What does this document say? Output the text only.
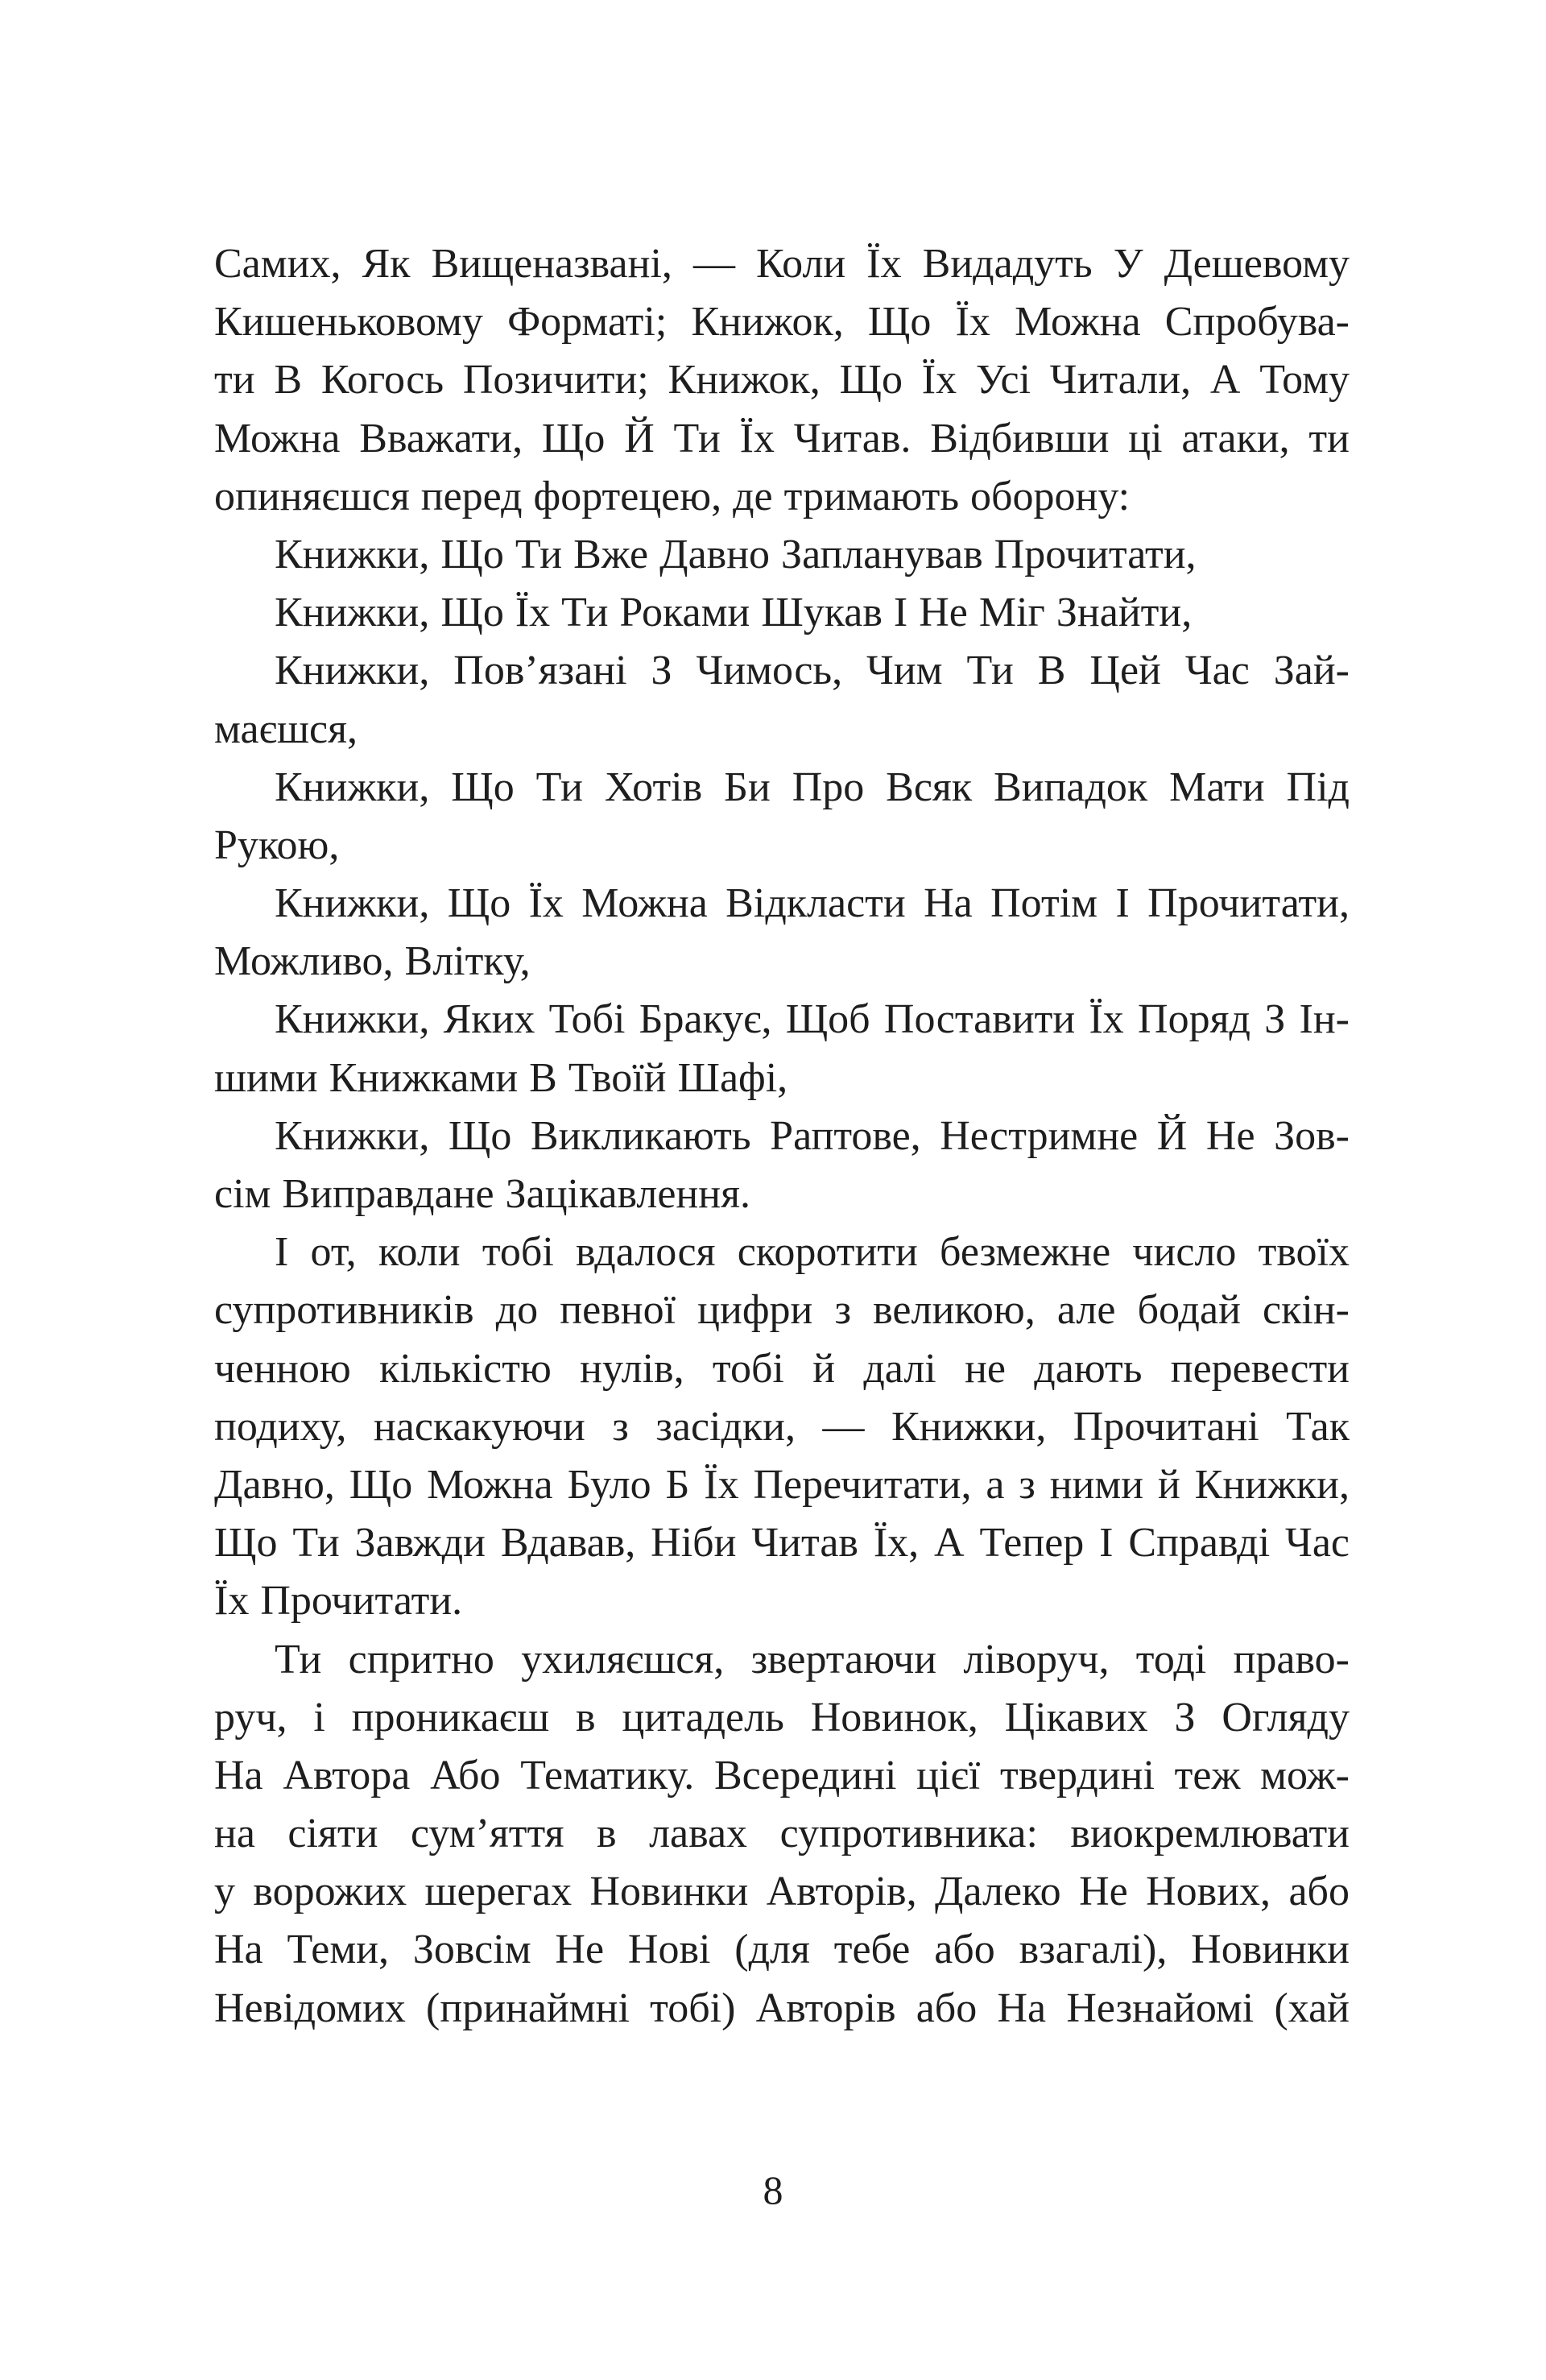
Самих, Як Вищеназвані, — Коли Їх Видадуть У Дешевому
Кишеньковому Форматі; Книжок, Що Їх Можна Спробува-
ти В Когось Позичити; Книжок, Що Їх Усі Читали, А Тому
Можна Вважати, Що Й Ти Їх Читав. Відбивши ці атаки, ти
опиняєшся перед фортецею, де тримають оборону:
Книжки, Що Ти Вже Давно Запланував Прочитати,
Книжки, Що Їх Ти Роками Шукав І Не Міг Знайти,
Книжки, Пов’язані З Чимось, Чим Ти В Цей Час Зай-
маєшся,
Книжки, Що Ти Хотів Би Про Всяк Випадок Мати Під
Рукою,
Книжки, Що Їх Можна Відкласти На Потім І Прочитати,
Можливо, Влітку,
Книжки, Яких Тобі Бракує, Щоб Поставити Їх Поряд З Ін-
шими Книжками В Твоїй Шафі,
Книжки, Що Викликають Раптове, Нестримне Й Не Зов-
сім Виправдане Зацікавлення.
І от, коли тобі вдалося скоротити безмежне число твоїх
супротивників до певної цифри з великою, але бодай скін-
ченною кількістю нулів, тобі й далі не дають перевести
подиху, наскакуючи з засідки, — Книжки, Прочитані Так
Давно, Що Можна Було Б Їх Перечитати, а з ними й Книжки,
Що Ти Завжди Вдавав, Ніби Читав Їх, А Тепер І Справді Час
Їх Прочитати.
Ти спритно ухиляєшся, звертаючи ліворуч, тоді право-
руч, і проникаєш в цитадель Новинок, Цікавих З Огляду
На Автора Або Тематику. Всередині цієї твердині теж мож-
на сіяти сум’яття в лавах супротивника: виокремлювати
у ворожих шерегах Новинки Авторів, Далеко Не Нових, або
На Теми, Зовсім Не Нові (для тебе або взагалі), Новинки
Невідомих (принаймні тобі) Авторів або На Незнайомі (хай
8
